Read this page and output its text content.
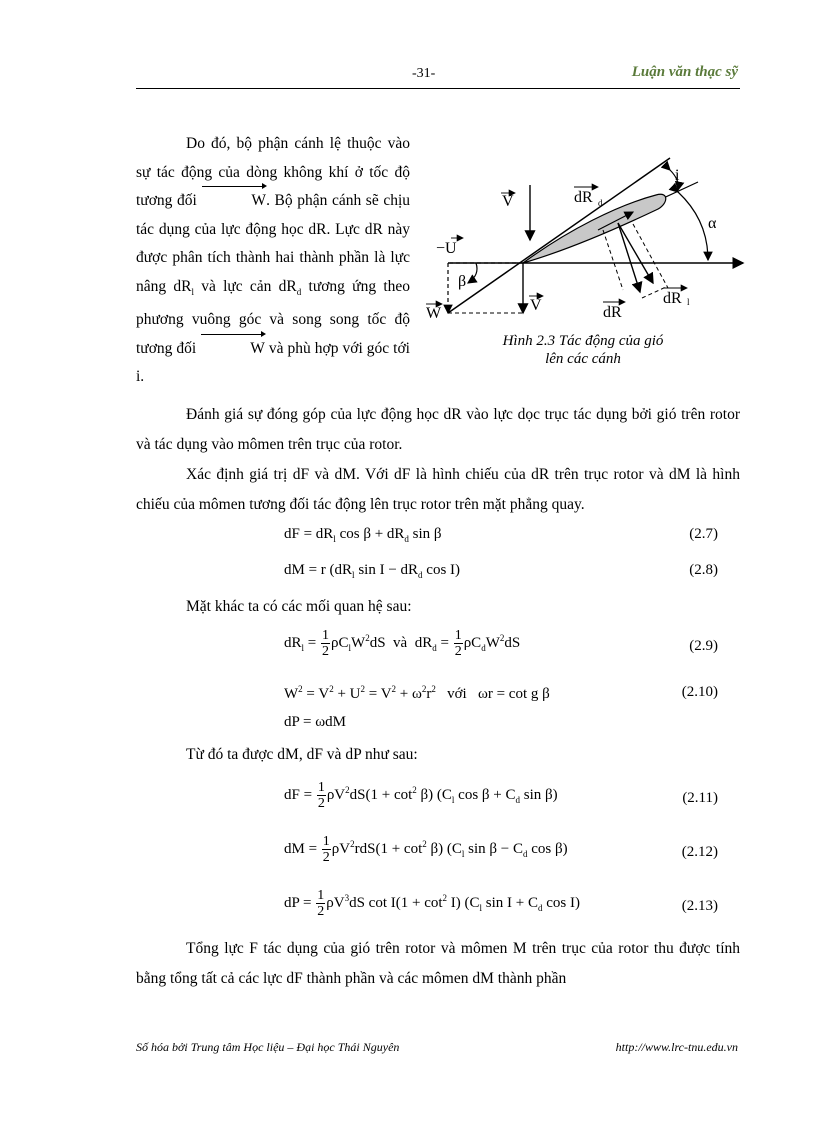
-31-	Luận văn thạc sỹ
Do đó, bộ phận cánh lệ thuộc vào sự tác động của dòng không khí ở tốc độ tương đối	W. Bộ phận cánh sẽ chịu tác dụng của lực động học dR. Lực dR này được phân tích thành hai thành phần là lực nâng $dR_l$ và lực cản $dR_d$ tương ứng theo phương vuông góc và song song tốc độ tương đối	W và phù hợp với góc tới i.
V	dR d
i
α
−U
β
W	V	dR
dR l
Hình 2.3 Tác động của gió
lên các cánh
Đánh giá sự đóng góp của lực động học dR vào lực dọc trục tác dụng bởi gió trên rotor và tác dụng vào mômen trên trục của rotor.
Xác định giá trị dF và dM. Với dF là hình chiếu của dR trên trục rotor và dM là hình chiếu của mômen tương đối tác động lên trục rotor trên mặt phẳng quay.
dF = $dR_l$ $\cos \beta + dR_d$ sin β	(2.7)
dM = r ($dR_l$ $\sin I - dR_d$ cos I)	(2.8)
Mặt khác ta có các mối quan hệ sau:
$dR_l = \frac{1}{2} \rho C_lW^2dS$  và  $dR_d = \frac{1}{2} \rho C_dW^2dS$	(2.9)
$W^2 = V^2 + U^2 = V^2 + \omega^2r^2$ với   ωr = cot g β	(2.10)
dP = ωdM
Từ đó ta được dM, dF và dP như sau:
dF = $\frac{1}{2} \rho V^2dS(1 + \cot^2 \beta)$ ($C_l$ $\cos \beta + C_d$ sin β)	(2.11)
dM = $\frac{1}{2} \rho V^2rdS(1 + \cot^2 \beta)$ ($C_l$ $\sin \beta - C_d$ cos β)	(2.12)
dP = $\frac{1}{2} \rho V^3dS$ $\cot I(1 + \cot^2 I)$ ($C_l$ $\sin I + C_d$ cos I)	(2.13)
Tổng lực F tác dụng của gió trên rotor và mômen M trên trục của rotor thu được tính bằng tổng tất cả các lực dF thành phần và các mômen dM thành phần
Số hóa bởi Trung tâm Học liệu – Đại học Thái Nguyên	http://www.lrc-tnu.edu.vn
